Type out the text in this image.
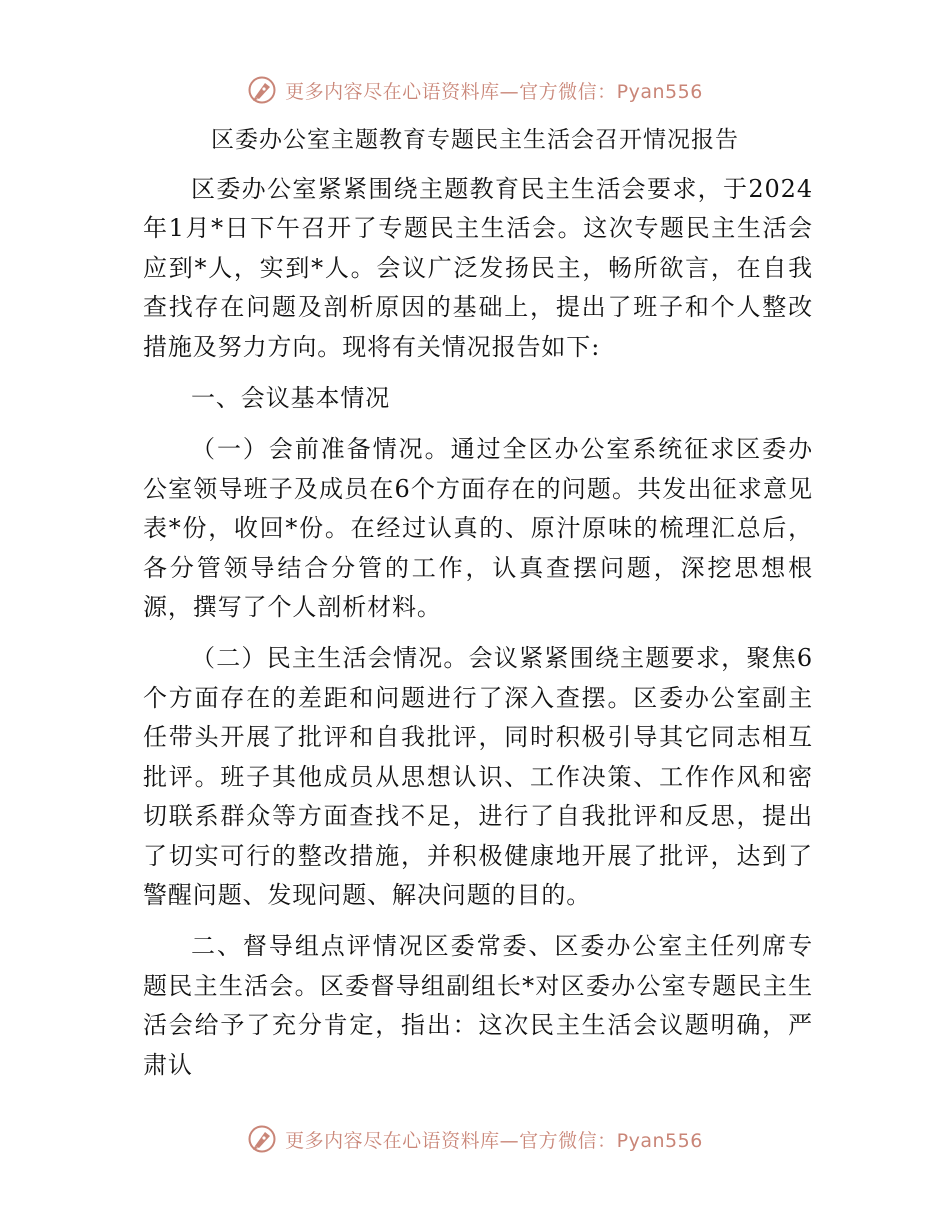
更多内容尽在心语资料库—官方微信：Pyan556
区委办公室主题教育专题民主生活会召开情况报告

区委办公室紧紧围绕主题教育民主生活会要求，于2024年1月*日下午召开了专题民主生活会。这次专题民主生活会应到*人，实到*人。会议广泛发扬民主，畅所欲言，在自我查找存在问题及剖析原因的基础上，提出了班子和个人整改措施及努力方向。现将有关情况报告如下:

一、会议基本情况

（一）会前准备情况。通过全区办公室系统征求区委办公室领导班子及成员在6个方面存在的问题。共发出征求意见表*份，收回*份。在经过认真的、原汁原味的梳理汇总后，各分管领导结合分管的工作，认真查摆问题，深挖思想根源，撰写了个人剖析材料。

（二）民主生活会情况。会议紧紧围绕主题要求，聚焦6个方面存在的差距和问题进行了深入查摆。区委办公室副主任带头开展了批评和自我批评，同时积极引导其它同志相互批评。班子其他成员从思想认识、工作决策、工作作风和密切联系群众等方面查找不足，进行了自我批评和反思，提出了切实可行的整改措施，并积极健康地开展了批评，达到了警醒问题、发现问题、解决问题的目的。

二、督导组点评情况区委常委、区委办公室主任列席专题民主生活会。区委督导组副组长*对区委办公室专题民主生活会给予了充分肯定，指出：这次民主生活会议题明确，严肃认

更多内容尽在心语资料库—官方微信：Pyan556
